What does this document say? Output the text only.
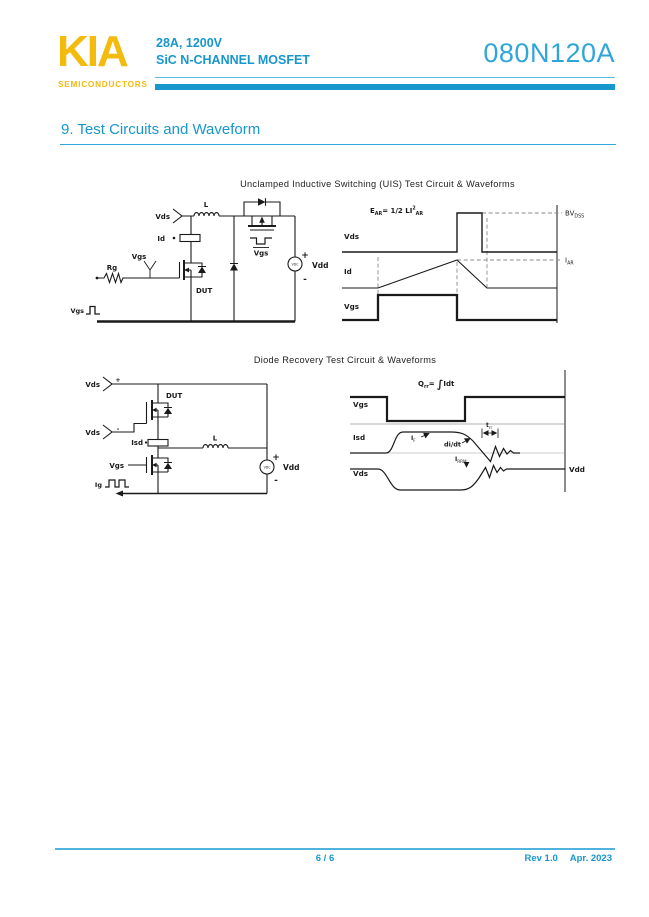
KIA
SEMICONDUCTORS
28A, 1200V
SiC N-CHANNEL MOSFET	080N120A
9. Test Circuits and Waveform
Unclamped Inductive Switching (UIS) Test Circuit & Waveforms
Vds
L
Id
Rg
Vgs
DUT
Vgs
Vgs
VDC
+
-
Vdd
EAR= 1/2 $LI^2_{AR}$
Vds
Id
Vgs
BVDSS
IAR
Diode Recovery Test Circuit & Waveforms
Vds
+
DUT
Vds	-
Isd
L
Vgs
Ig
VDC
+
-
Vdd
Qrr= ∫Idt
Vgs
Isd
Vds	Vdd
IF
di/dt
trr
IRRM
6 / 6	Rev 1.0 Apr. 2023
